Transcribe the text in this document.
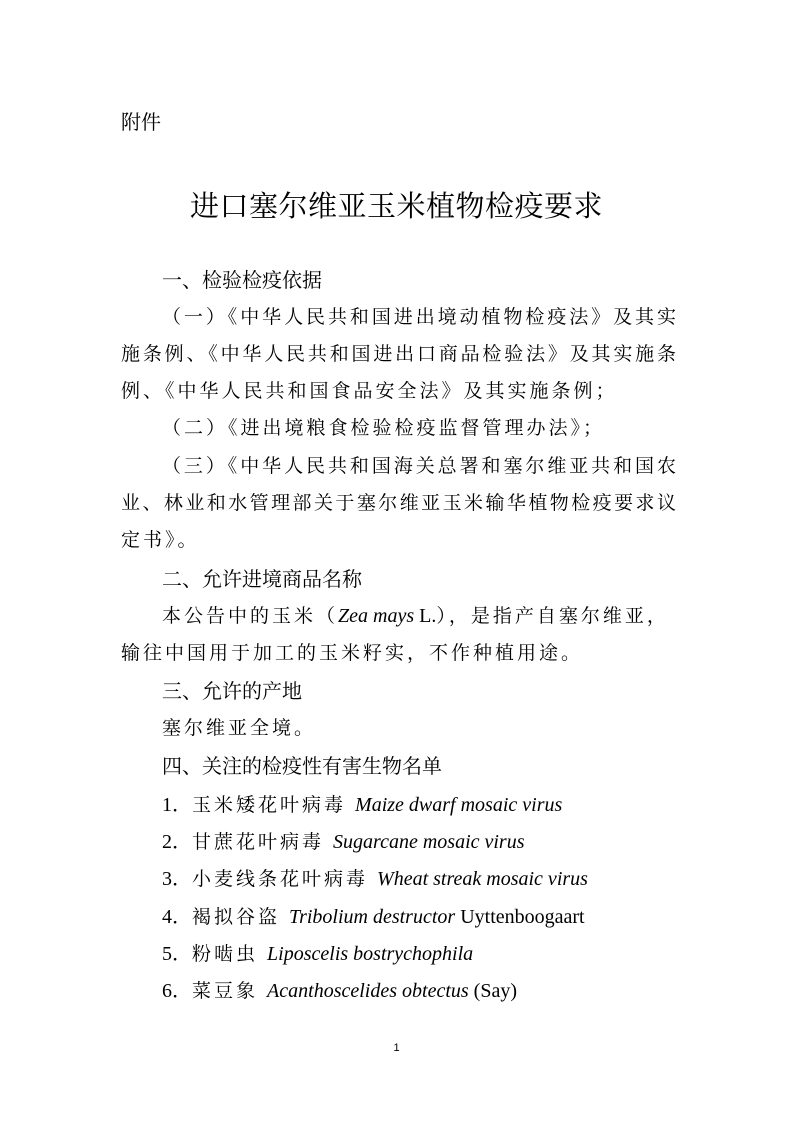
附件
进口塞尔维亚玉米植物检疫要求
一、检验检疫依据
（一）《中华人民共和国进出境动植物检疫法》及其实
施条例、《中华人民共和国进出口商品检验法》及其实施条
例、《中华人民共和国食品安全法》及其实施条例；
（二）《进出境粮食检验检疫监督管理办法》；
（三）《中华人民共和国海关总署和塞尔维亚共和国农
业、林业和水管理部关于塞尔维亚玉米输华植物检疫要求议
定书》。
二、允许进境商品名称
本公告中的玉米（Zea mays L.），是指产自塞尔维亚，
输往中国用于加工的玉米籽实，不作种植用途。
三、允许的产地
塞尔维亚全境。
四、关注的检疫性有害生物名单
1．玉米矮花叶病毒 Maize dwarf mosaic virus
2．甘蔗花叶病毒 Sugarcane mosaic virus
3．小麦线条花叶病毒 Wheat streak mosaic virus
4．褐拟谷盗 Tribolium destructor Uyttenboogaart
5．粉啮虫 Liposcelis bostrychophila
6．菜豆象 Acanthoscelides obtectus (Say)
1
